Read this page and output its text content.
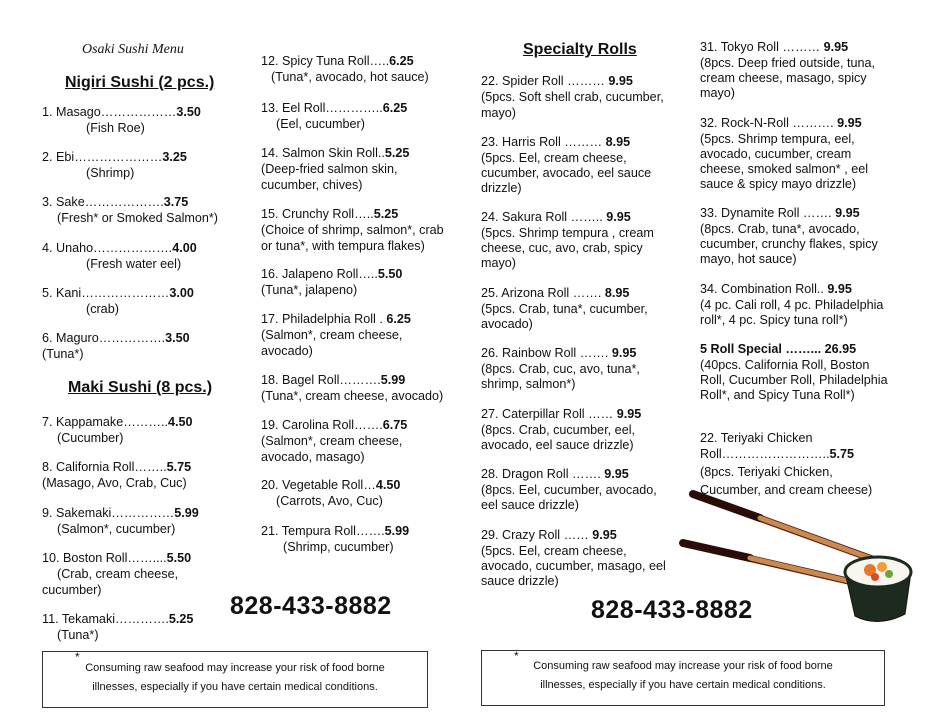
Osaki Sushi Menu
Nigiri Sushi (2 pcs.)
1. Masago………………3.50
(Fish Roe)
2. Ebi…………………3.25
(Shrimp)
3. Sake……………….3.75
(Fresh* or Smoked Salmon*)
4. Unaho……………….4.00
(Fresh water eel)
5. Kani…………………3.00
(crab)
6. Maguro…………….3.50
(Tuna*)
Maki Sushi (8 pcs.)
7. Kappamake………..4.50
(Cucumber)
8. California Roll……..5.75
(Masago, Avo, Crab, Cuc)
9. Sakemaki……………5.99
(Salmon*, cucumber)
10. Boston Roll……....5.50
(Crab, cream cheese,
cucumber)
11. Tekamaki………….5.25
(Tuna*)
12. Spicy Tuna Roll…..6.25
(Tuna*, avocado, hot sauce)
13. Eel Roll…………..6.25
(Eel, cucumber)
14. Salmon Skin Roll..5.25
(Deep-fried salmon skin,
cucumber, chives)
15. Crunchy Roll…..5.25
(Choice of shrimp, salmon*, crab
or tuna*, with tempura flakes)
16. Jalapeno Roll…..5.50
(Tuna*, jalapeno)
17. Philadelphia Roll . 6.25
(Salmon*, cream cheese,
avocado)
18. Bagel Roll……….5.99
(Tuna*, cream cheese, avocado)
19. Carolina Roll…….6.75
(Salmon*, cream cheese,
avocado, masago)
20. Vegetable Roll…4.50
(Carrots, Avo, Cuc)
21. Tempura Roll…….5.99
(Shrimp, cucumber)
828-433-8882
Specialty Rolls
22. Spider Roll ……… 9.95
(5pcs. Soft shell crab, cucumber,
mayo)
23. Harris Roll ……… 8.95
(5pcs. Eel, cream cheese,
cucumber, avocado, eel sauce
drizzle)
24. Sakura Roll …….. 9.95
(5pcs. Shrimp tempura , cream
cheese, cuc, avo, crab, spicy
mayo)
25. Arizona Roll ……. 8.95
(5pcs. Crab, tuna*, cucumber,
avocado)
26. Rainbow Roll ……. 9.95
(8pcs. Crab, cuc, avo, tuna*,
shrimp, salmon*)
27. Caterpillar Roll …… 9.95
(8pcs. Crab, cucumber, eel,
avocado, eel sauce drizzle)
28. Dragon Roll ……. 9.95
(8pcs. Eel, cucumber, avocado,
eel sauce drizzle)
29. Crazy Roll …… 9.95
(5pcs. Eel, cream cheese,
avocado, cucumber, masago, eel
sauce drizzle)
828-433-8882
31. Tokyo Roll ……… 9.95
(8pcs. Deep fried outside, tuna,
cream cheese, masago, spicy
mayo)
32. Rock-N-Roll ………. 9.95
(5pcs. Shrimp tempura, eel,
avocado, cucumber, cream
cheese, smoked salmon* , eel
sauce & spicy mayo drizzle)
33. Dynamite Roll ……. 9.95
(8pcs. Crab, tuna*, avocado,
cucumber, crunchy flakes, spicy
mayo, hot sauce)
34. Combination Roll.. 9.95
(4 pc. Cali roll, 4 pc. Philadelphia
roll*, 4 pc. Spicy tuna roll*)
5 Roll Special ……... 26.95
(40pcs. California Roll, Boston
Roll, Cucumber Roll, Philadelphia
Roll*, and Spicy Tuna Roll*)
22. Teriyaki Chicken
Roll……………………..5.75
(8pcs. Teriyaki Chicken,
Cucumber, and cream cheese)
*
Consuming raw seafood may increase your risk of food borne
illnesses, especially if you have certain medical conditions.
*
Consuming raw seafood may increase your risk of food borne
illnesses, especially if you have certain medical conditions.
